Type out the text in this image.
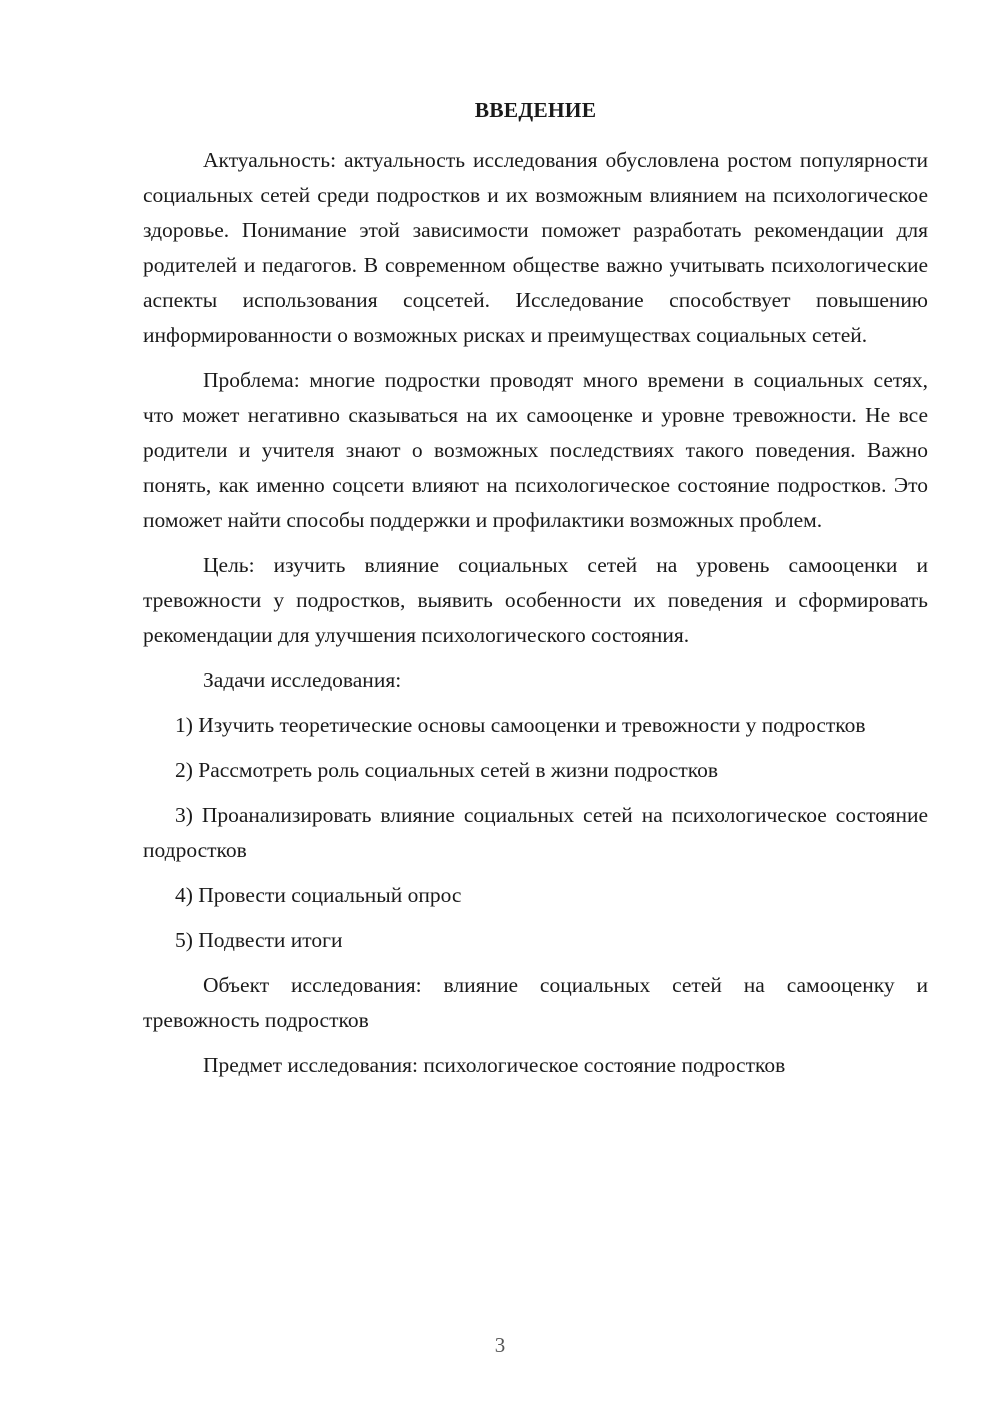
ВВЕДЕНИЕ

Актуальность: актуальность исследования обусловлена ростом популярности социальных сетей среди подростков и их возможным влиянием на психологическое здоровье. Понимание этой зависимости поможет разработать рекомендации для родителей и педагогов. В современном обществе важно учитывать психологические аспекты использования соцсетей. Исследование способствует повышению информированности о возможных рисках и преимуществах социальных сетей.

Проблема: многие подростки проводят много времени в социальных сетях, что может негативно сказываться на их самооценке и уровне тревожности. Не все родители и учителя знают о возможных последствиях такого поведения. Важно понять, как именно соцсети влияют на психологическое состояние подростков. Это поможет найти способы поддержки и профилактики возможных проблем.

Цель: изучить влияние социальных сетей на уровень самооценки и тревожности у подростков, выявить особенности их поведения и сформировать рекомендации для улучшения психологического состояния.

Задачи исследования:

1) Изучить теоретические основы самооценки и тревожности у подростков

2) Рассмотреть роль социальных сетей в жизни подростков

3) Проанализировать влияние социальных сетей на психологическое состояние подростков

4) Провести социальный опрос

5) Подвести итоги

Объект исследования: влияние социальных сетей на самооценку и тревожность подростков

Предмет исследования: психологическое состояние подростков

3
